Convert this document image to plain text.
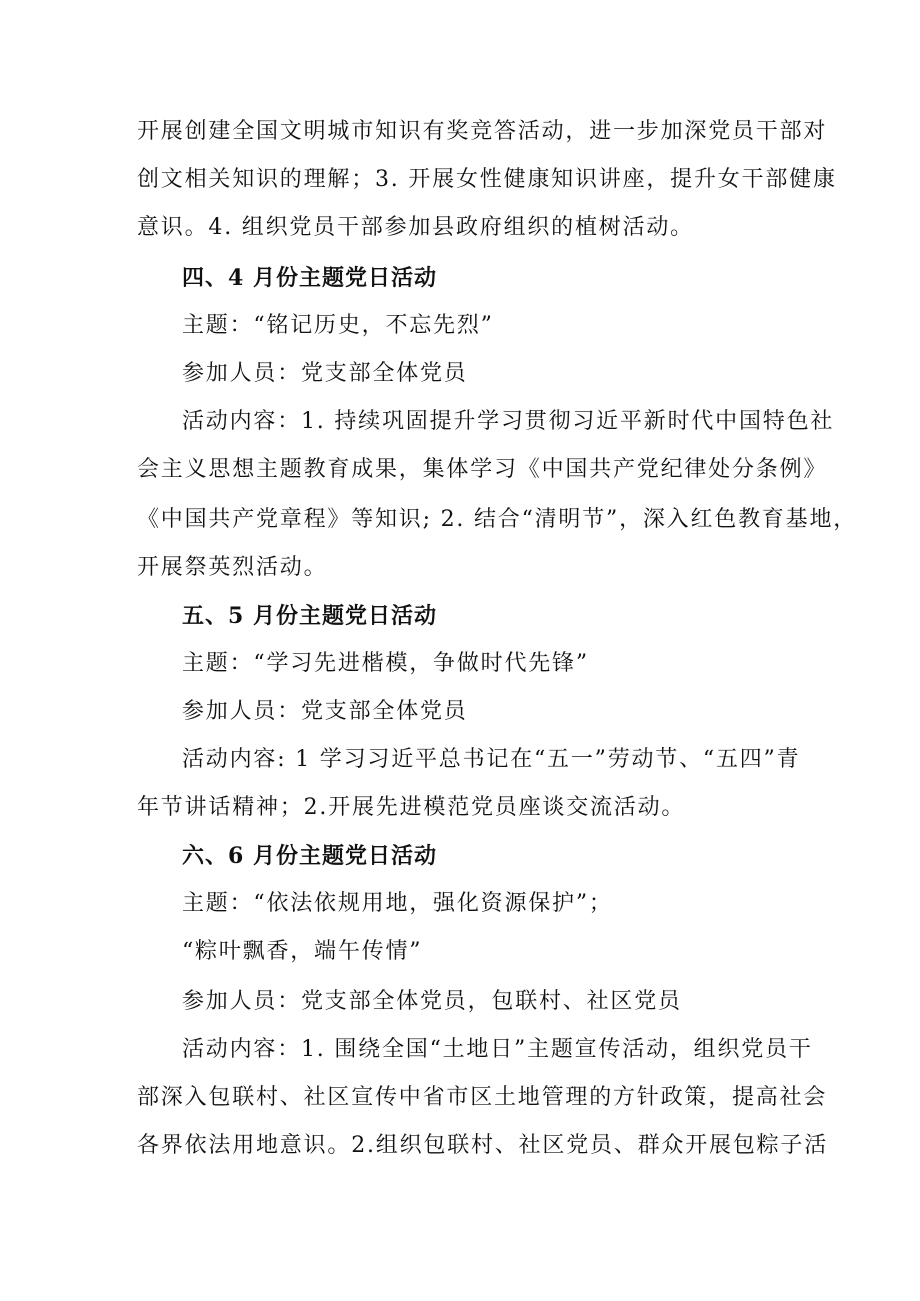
开展创建全国文明城市知识有奖竞答活动，进一步加深党员干部对
创文相关知识的理解；3. 开展女性健康知识讲座，提升女干部健康
意识。4. 组织党员干部参加县政府组织的植树活动。
四、4 月份主题党日活动
主题：“铭记历史，不忘先烈”
参加人员：党支部全体党员
活动内容：1. 持续巩固提升学习贯彻习近平新时代中国特色社
会主义思想主题教育成果，集体学习《中国共产党纪律处分条例》
《中国共产党章程》等知识; 2. 结合“清明节”，深入红色教育基地，
开展祭英烈活动。
五、5 月份主题党日活动
主题：“学习先进楷模，争做时代先锋”
参加人员：党支部全体党员
活动内容: 1 学习习近平总书记在“五一”劳动节、“五四”青
年节讲话精神；2.开展先进模范党员座谈交流活动。
六、6 月份主题党日活动
主题：“依法依规用地，强化资源保护”；
“粽叶飘香，端午传情”
参加人员：党支部全体党员，包联村、社区党员
活动内容：1. 围绕全国“土地日”主题宣传活动，组织党员干
部深入包联村、社区宣传中省市区土地管理的方针政策，提高社会
各界依法用地意识。2.组织包联村、社区党员、群众开展包粽子活
